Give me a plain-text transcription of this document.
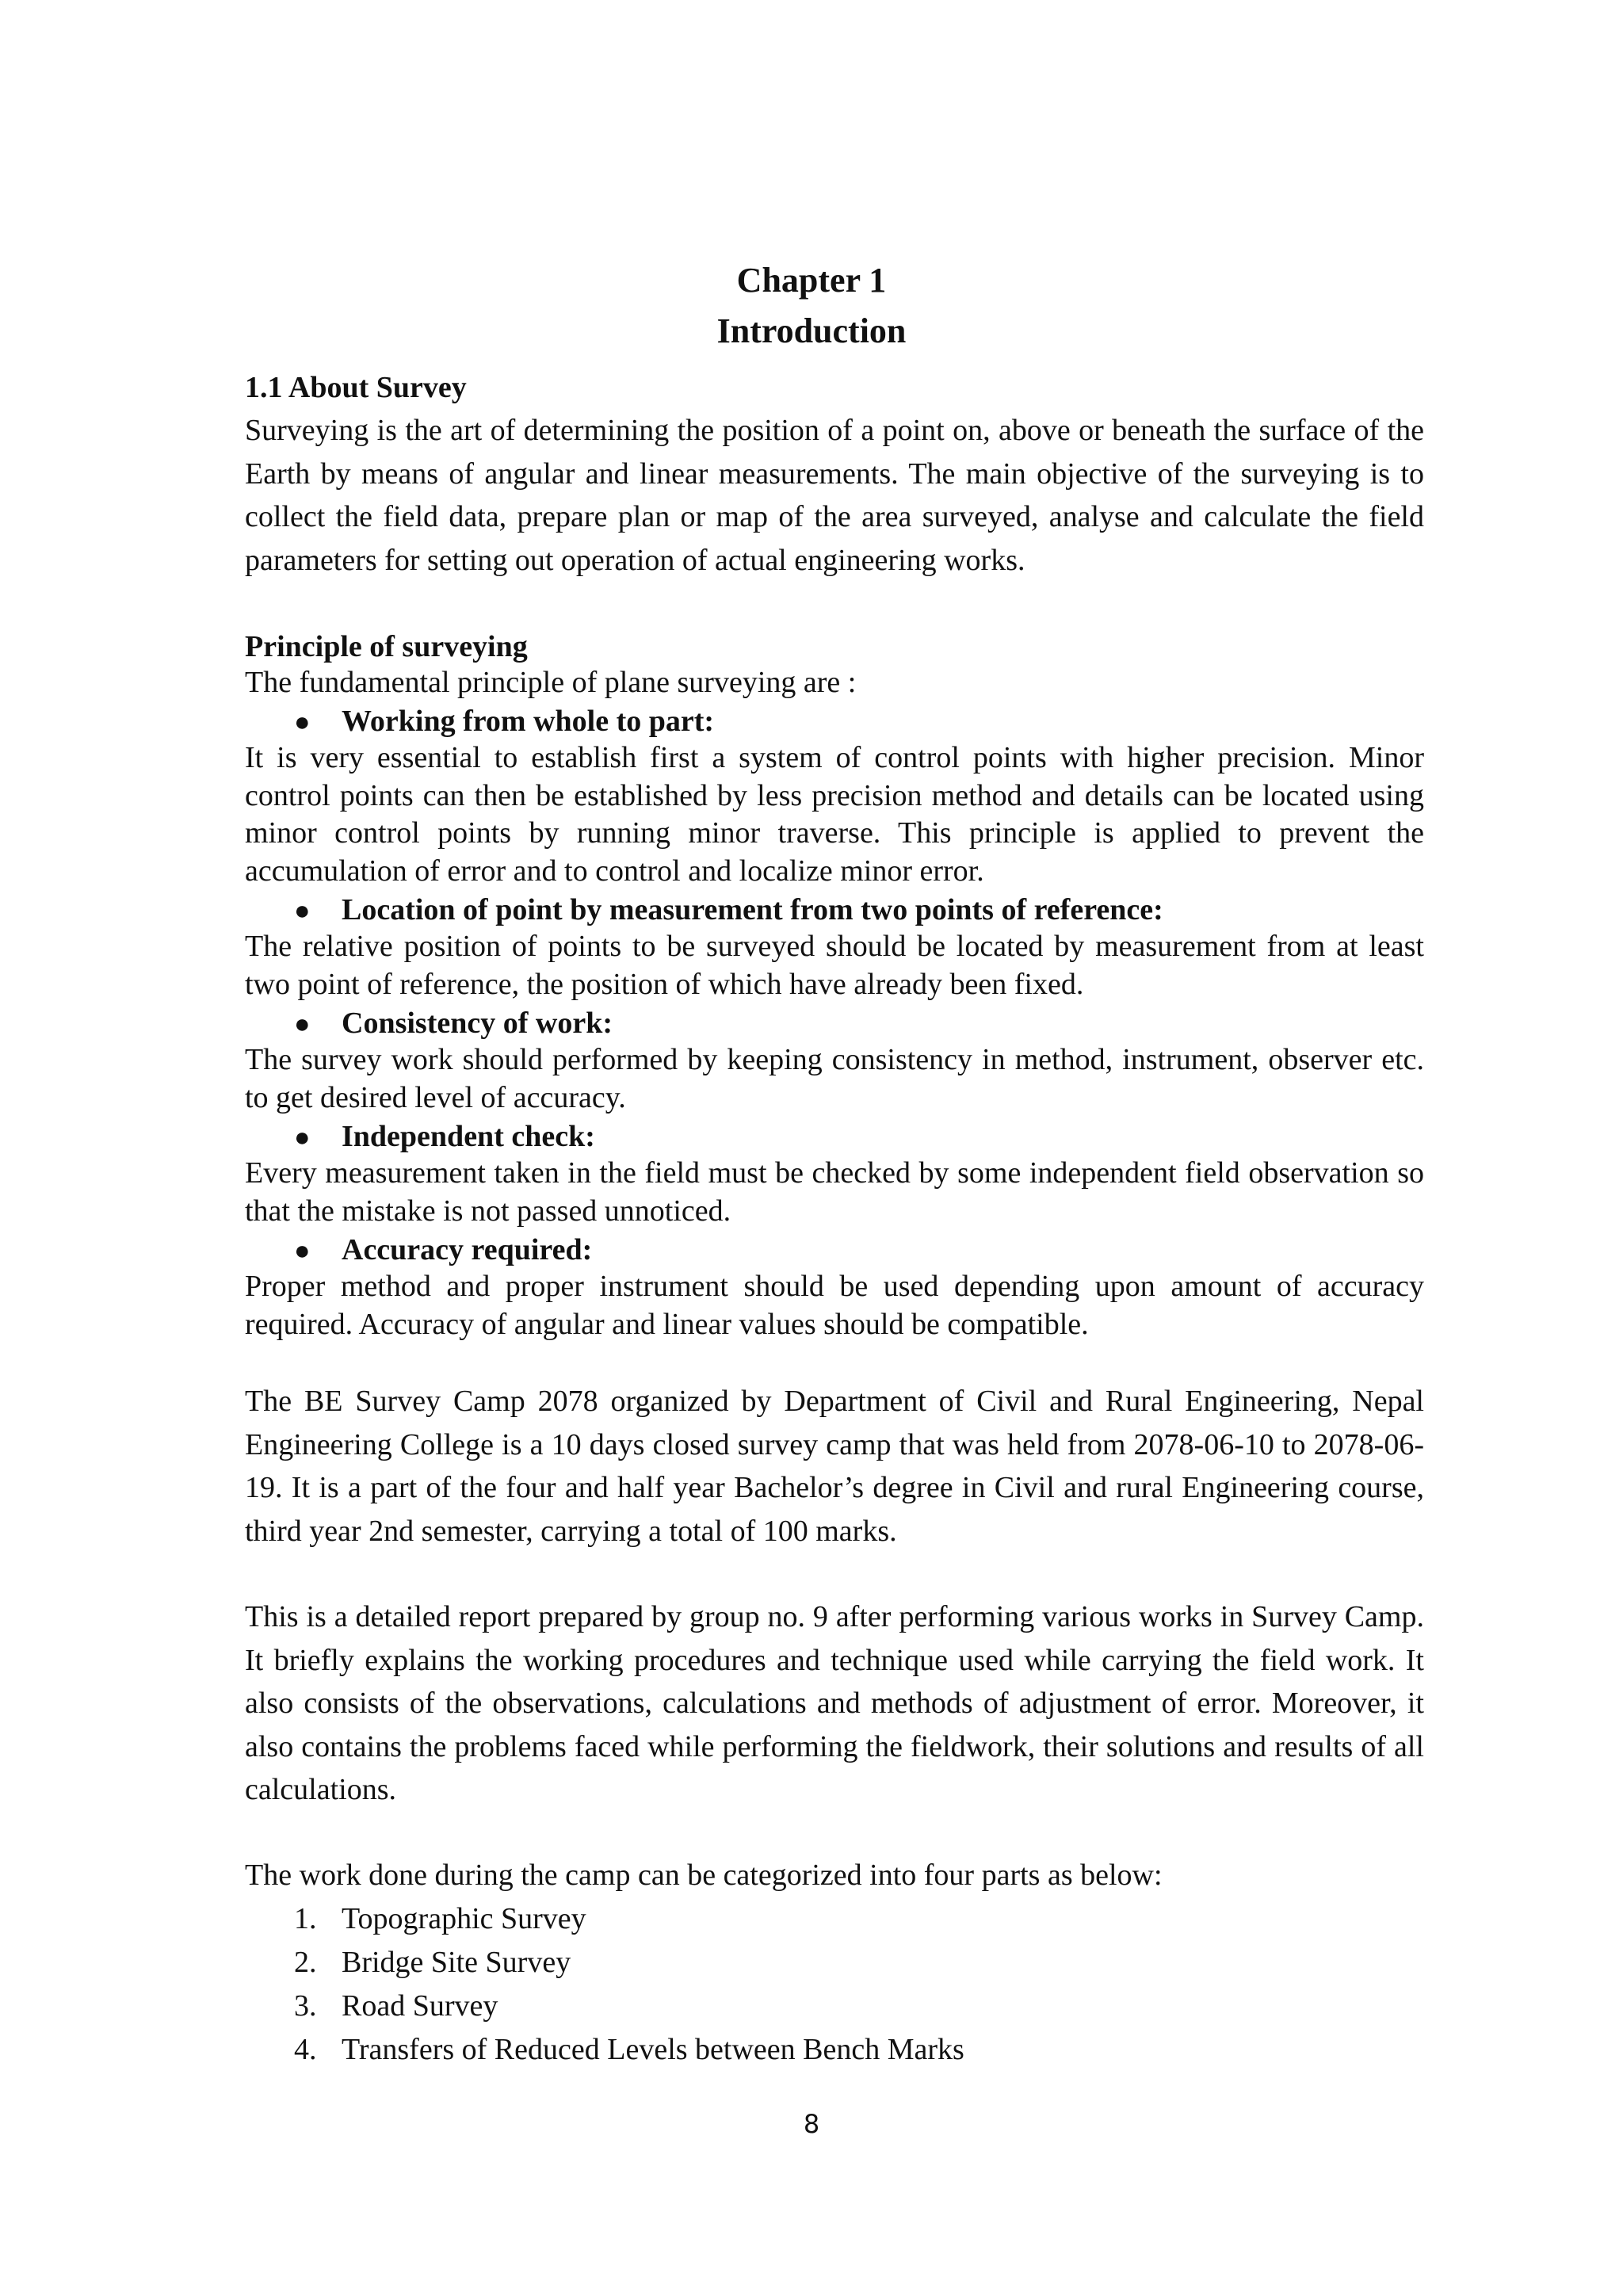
Chapter 1
Introduction
1.1 About Survey

Surveying is the art of determining the position of a point on, above or beneath the surface of the Earth by means of angular and linear measurements. The main objective of the surveying is to collect the field data, prepare plan or map of the area surveyed, analyse and calculate the field parameters for setting out operation of actual engineering works.

Principle of surveying
The fundamental principle of plane surveying are :
● Working from whole to part:

It is very essential to establish first a system of control points with higher precision. Minor control points can then be established by less precision method and details can be located using minor control points by running minor traverse. This principle is applied to prevent the accumulation of error and to control and localize minor error.

● Location of point by measurement from two points of reference:

The relative position of points to be surveyed should be located by measurement from at least two point of reference, the position of which have already been fixed.

● Consistency of work:

The survey work should performed by keeping consistency in method, instrument, observer etc. to get desired level of accuracy.

● Independent check:

Every measurement taken in the field must be checked by some independent field observation so that the mistake is not passed unnoticed.

● Accuracy required:

Proper method and proper instrument should be used depending upon amount of accuracy required. Accuracy of angular and linear values should be compatible.

The BE Survey Camp 2078 organized by Department of Civil and Rural Engineering, Nepal Engineering College is a 10 days closed survey camp that was held from 2078-06-10 to 2078-06-19. It is a part of the four and half year Bachelor’s degree in Civil and rural Engineering course, third year 2nd semester, carrying a total of 100 marks.

This is a detailed report prepared by group no. 9 after performing various works in Survey Camp. It briefly explains the working procedures and technique used while carrying the field work. It also consists of the observations, calculations and methods of adjustment of error. Moreover, it also contains the problems faced while performing the fieldwork, their solutions and results of all calculations.

The work done during the camp can be categorized into four parts as below:
1. Topographic Survey
2. Bridge Site Survey
3. Road Survey
4. Transfers of Reduced Levels between Bench Marks
8
